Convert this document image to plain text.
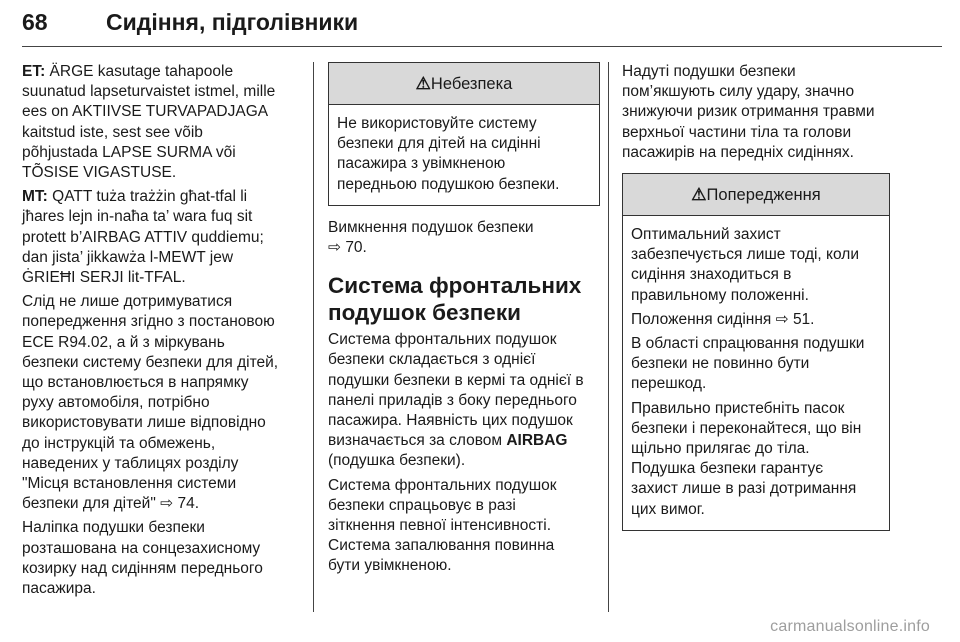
68	Сидіння, підголівники

ET: ÄRGE kasutage tahapoole
suunatud lapseturvaistet istmel, mille
ees on AKTIIVSE TURVAPADJAGA
kaitstud iste, sest see võib
põhjustada LAPSE SURMA või
TÕSISE VIGASTUSE.

MT: QATT tuża trażżin għat-tfal li
jħares lejn in-naħa ta’ wara fuq sit
protett b’AIRBAG ATTIV quddiemu;
dan jista’ jikkawża l-MEWT jew
ĠRIEĦI SERJI lit-TFAL.

Слід не лише дотримуватися
попередження згідно з постановою
ECE R94.02, а й з міркувань
безпеки систему безпеки для дітей,
що встановлюється в напрямку
руху автомобіля, потрібно
використовувати лише відповідно
до інструкцій та обмежень,
наведених у таблицях розділу
"Місця встановлення системи
безпеки для дітей" ⇨ 74.

Наліпка подушки безпеки
розташована на сонцезахисному
козирку над сидінням переднього
пасажира.

⚠Небезпека

Не використовуйте систему
безпеки для дітей на сидінні
пасажира з увімкненою
передньою подушкою безпеки.

Вимкнення подушок безпеки
⇨ 70.

Система фронтальних
подушок безпеки

Система фронтальних подушок
безпеки складається з однієї
подушки безпеки в кермі та однієї в
панелі приладів з боку переднього
пасажира. Наявність цих подушок
визначається за словом AIRBAG
(подушка безпеки).

Система фронтальних подушок
безпеки спрацьовує в разі
зіткнення певної інтенсивності.
Система запалювання повинна
бути увімкненою.

Надуті подушки безпеки
пом’якшують силу удару, значно
знижуючи ризик отримання травми
верхньої частини тіла та голови
пасажирів на передніх сидіннях.

⚠Попередження

Оптимальний захист
забезпечується лише тоді, коли
сидіння знаходиться в
правильному положенні.

Положення сидіння ⇨ 51.

В області спрацювання подушки
безпеки не повинно бути
перешкод.

Правильно пристебніть пасок
безпеки і переконайтеся, що він
щільно прилягає до тіла.
Подушка безпеки гарантує
захист лише в разі дотримання
цих вимог.

carmanualsonline.info
